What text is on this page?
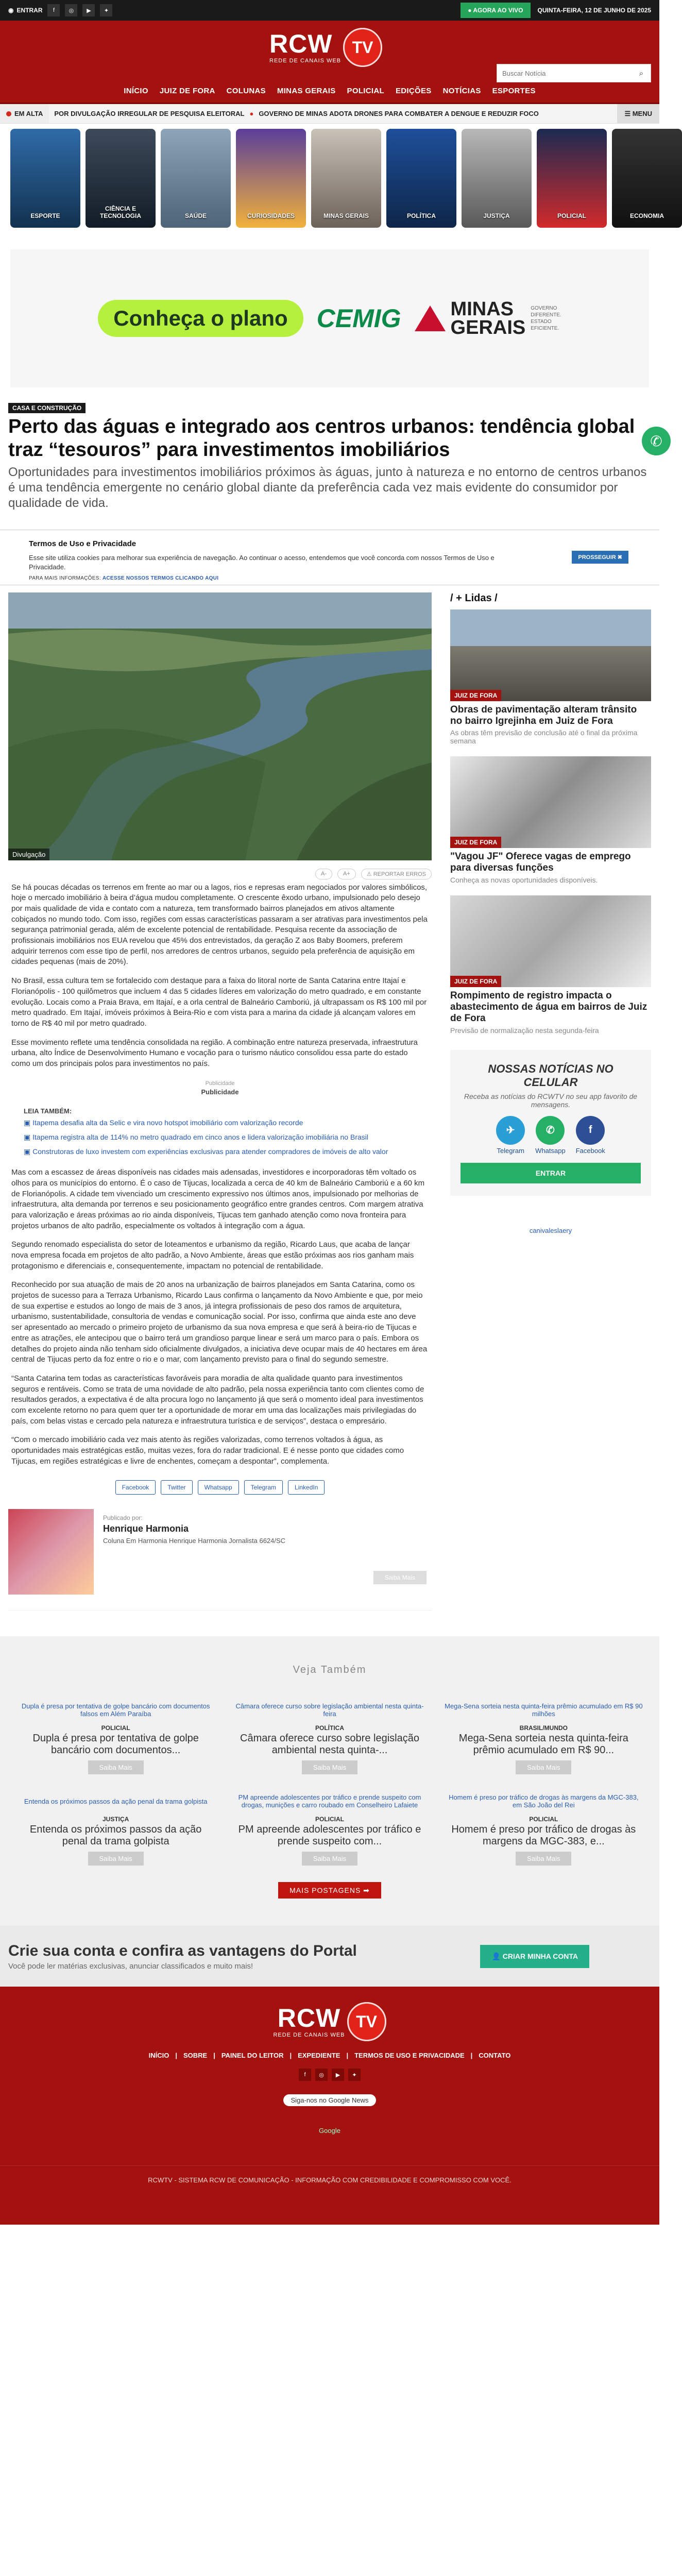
◉ ENTRAR	f	◎	▶	✦	● AGORA AO VIVO	QUINTA-FEIRA, 12 DE JUNHO DE 2025
RCW
REDE DE CANAIS WEB
TV
Buscar Notícia
⌕
INÍCIO JUIZ DE FORA COLUNAS MINAS GERAIS POLICIAL EDIÇÕES NOTÍCIAS ESPORTES
EM ALTA POR DIVULGAÇÃO IRREGULAR DE PESQUISA ELEITORAL ● GOVERNO DE MINAS ADOTA DRONES PARA COMBATER A DENGUE E REDUZIR FOCO	☰ MENU
ESPORTE
CIÊNCIA E TECNOLOGIA	SAÚDE	CURIOSIDADES	MINAS GERAIS	POLÍTICA	JUSTIÇA	POLICIAL	ECONOMIA
Conheça o plano	CEMIG	MINAS
GERAIS
GOVERNO
DIFERENTE.
ESTADO
EFICIENTE.
✆
CASA E CONSTRUÇÃO
Perto das águas e integrado aos centros urbanos: tendência global traz “tesouros” para investimentos imobiliários

Oportunidades para investimentos imobiliários próximos às águas, junto à natureza e no entorno de centros urbanos é uma tendência emergente no cenário global diante da preferência cada vez mais evidente do consumidor por qualidade de vida.

Termos de Uso e Privacidade

Esse site utiliza cookies para melhorar sua experiência de navegação. Ao continuar o acesso, entendemos que você concorda com nossos Termos de Uso e Privacidade.

PARA MAIS INFORMAÇÕES: ACESSE NOSSOS TERMOS CLICANDO AQUI

PROSSEGUIR ✖
Divulgação
A-	A+	⚠ REPORTAR ERROS

Se há poucas décadas os terrenos em frente ao mar ou a lagos, rios e represas eram negociados por valores simbólicos, hoje o mercado imobiliário à beira d’água mudou completamente. O crescente êxodo urbano, impulsionado pelo desejo por mais qualidade de vida e contato com a natureza, tem transformado bairros planejados em ativos altamente cobiçados no mundo todo. Com isso, regiões com essas características passaram a ser atrativas para investimentos pela segurança patrimonial gerada, além de excelente potencial de rentabilidade. Pesquisa recente da associação de profissionais imobiliários nos EUA revelou que 45% dos entrevistados, da geração Z aos Baby Boomers, preferem adquirir terrenos com esse tipo de perfil, nos arredores de centros urbanos, seguido pela preferência de aquisição em cidades pequenas (mais de 20%).

No Brasil, essa cultura tem se fortalecido com destaque para a faixa do litoral norte de Santa Catarina entre Itajaí e Florianópolis - 100 quilômetros que incluem 4 das 5 cidades líderes em valorização do metro quadrado, e em constante evolução. Locais como a Praia Brava, em Itajaí, e a orla central de Balneário Camboriú, já ultrapassam os R$ 100 mil por metro quadrado. Em Itajaí, imóveis próximos à Beira-Rio e com vista para a marina da cidade já alcançam valores em torno de R$ 40 mil por metro quadrado.

Esse movimento reflete uma tendência consolidada na região. A combinação entre natureza preservada, infraestrutura urbana, alto Índice de Desenvolvimento Humano e vocação para o turismo náutico consolidou essa parte do estado como um dos principais polos para investimentos no país.

Publicidade
Publicidade
LEIA TAMBÉM:
▣ Itapema desafia alta da Selic e vira novo hotspot imobiliário com valorização recorde
▣ Itapema registra alta de 114% no metro quadrado em cinco anos e lidera valorização imobiliária no Brasil
▣ Construtoras de luxo investem com experiências exclusivas para atender compradores de imóveis de alto valor

Mas com a escassez de áreas disponíveis nas cidades mais adensadas, investidores e incorporadoras têm voltado os olhos para os municípios do entorno. É o caso de Tijucas, localizada a cerca de 40 km de Balneário Camboriú e a 60 km de Florianópolis. A cidade tem vivenciado um crescimento expressivo nos últimos anos, impulsionado por melhorias de infraestrutura, alta demanda por terrenos e seu posicionamento geográfico entre grandes centros. Com margem atrativa para valorização e áreas próximas ao rio ainda disponíveis, Tijucas tem ganhado atenção como nova fronteira para projetos urbanos de alto padrão, especialmente os voltados à integração com a água.

Segundo renomado especialista do setor de loteamentos e urbanismo da região, Ricardo Laus, que acaba de lançar nova empresa focada em projetos de alto padrão, a Novo Ambiente, áreas que estão próximas aos rios ganham mais protagonismo e diferenciais e, consequentemente, impactam no potencial de rentabilidade.

Reconhecido por sua atuação de mais de 20 anos na urbanização de bairros planejados em Santa Catarina, como os projetos de sucesso para a Terraza Urbanismo, Ricardo Laus confirma o lançamento da Novo Ambiente e que, por meio de sua expertise e estudos ao longo de mais de 3 anos, já integra profissionais de peso dos ramos de arquitetura, urbanismo, sustentabilidade, consultoria de vendas e comunicação social. Por isso, confirma que ainda este ano deve ser apresentado ao mercado o primeiro projeto de urbanismo da sua nova empresa e que será à beira-rio de Tijucas e entre as atrações, ele antecipou que o bairro terá um grandioso parque linear e será um marco para o país. Embora os detalhes do projeto ainda não tenham sido oficialmente divulgados, a iniciativa deve ocupar mais de 40 hectares em área central de Tijucas perto da foz entre o rio e o mar, com lançamento previsto para o final do segundo semestre.

“Santa Catarina tem todas as características favoráveis para moradia de alta qualidade quanto para investimentos seguros e rentáveis. Como se trata de uma novidade de alto padrão, pela nossa experiência tanto com clientes como de resultados gerados, a expectativa é de alta procura logo no lançamento já que será o momento ideal para investimentos com excelente retorno no para quem quer ter a oportunidade de morar em uma das localizações mais privilegiadas do país, com belas vistas e cercado pela natureza e infraestrutura turística e de serviços”, destaca o empresário.

“Com o mercado imobiliário cada vez mais atento às regiões valorizadas, como terrenos voltados à água, as oportunidades mais estratégicas estão, muitas vezes, fora do radar tradicional. E é nesse ponto que cidades como Tijucas, em regiões estratégicas e livre de enchentes, começam a despontar”, complementa.

Facebook	Twitter	Whatsapp	Telegram	LinkedIn
Publicado por:
Henrique Harmonia
Coluna Em Harmonia Henrique Harmonia Jornalista 6624/SC
Saiba Mais
/ + Lidas /
JUIZ DE FORA
Obras de pavimentação alteram trânsito no bairro Igrejinha em Juiz de Fora
As obras têm previsão de conclusão até o final da próxima semana
JUIZ DE FORA
"Vagou JF" Oferece vagas de emprego para diversas funções
Conheça as novas oportunidades disponíveis.
JUIZ DE FORA
Rompimento de registro impacta o abastecimento de água em bairros de Juiz de Fora
Previsão de normalização nesta segunda-feira
NOSSAS NOTÍCIAS NO CELULAR

Receba as notícias do RCWTV no seu app favorito de mensagens.

✈
Telegram
✆
Whatsapp
f
Facebook
ENTRAR
canivaleslaery
Veja Também
Dupla é presa por tentativa de golpe bancário com documentos falsos em Além Paraíba
POLICIAL
Dupla é presa por tentativa de golpe bancário com documentos...
Saiba Mais
Câmara oferece curso sobre legislação ambiental nesta quinta-feira
POLÍTICA
Câmara oferece curso sobre legislação ambiental nesta quinta-...
Saiba Mais
Mega-Sena sorteia nesta quinta-feira prêmio acumulado em R$ 90 milhões
BRASIL/MUNDO
Mega-Sena sorteia nesta quinta-feira prêmio acumulado em R$ 90...
Saiba Mais
Entenda os próximos passos da ação penal da trama golpista
JUSTIÇA
Entenda os próximos passos da ação penal da trama golpista
Saiba Mais
PM apreende adolescentes por tráfico e prende suspeito com drogas, munições e carro roubado em Conselheiro Lafaiete
POLICIAL
PM apreende adolescentes por tráfico e prende suspeito com...
Saiba Mais
Homem é preso por tráfico de drogas às margens da MGC-383, em São João del Rei
POLICIAL
Homem é preso por tráfico de drogas às margens da MGC-383, e...
Saiba Mais
MAIS POSTAGENS ➡
Crie sua conta e confira as vantagens do Portal

Você pode ler matérias exclusivas, anunciar classificados e muito mais!

👤 CRIAR MINHA CONTA
RCW
REDE DE CANAIS WEB
TV
INÍCIO | SOBRE | PAINEL DO LEITOR | EXPEDIENTE | TERMOS DE USO E PRIVACIDADE | CONTATO
f	◎	▶	✦
Siga-nos no Google News
Google
RCWTV - SISTEMA RCW DE COMUNICAÇÃO - INFORMAÇÃO COM CREDIBILIDADE E COMPROMISSO COM VOCÊ.
